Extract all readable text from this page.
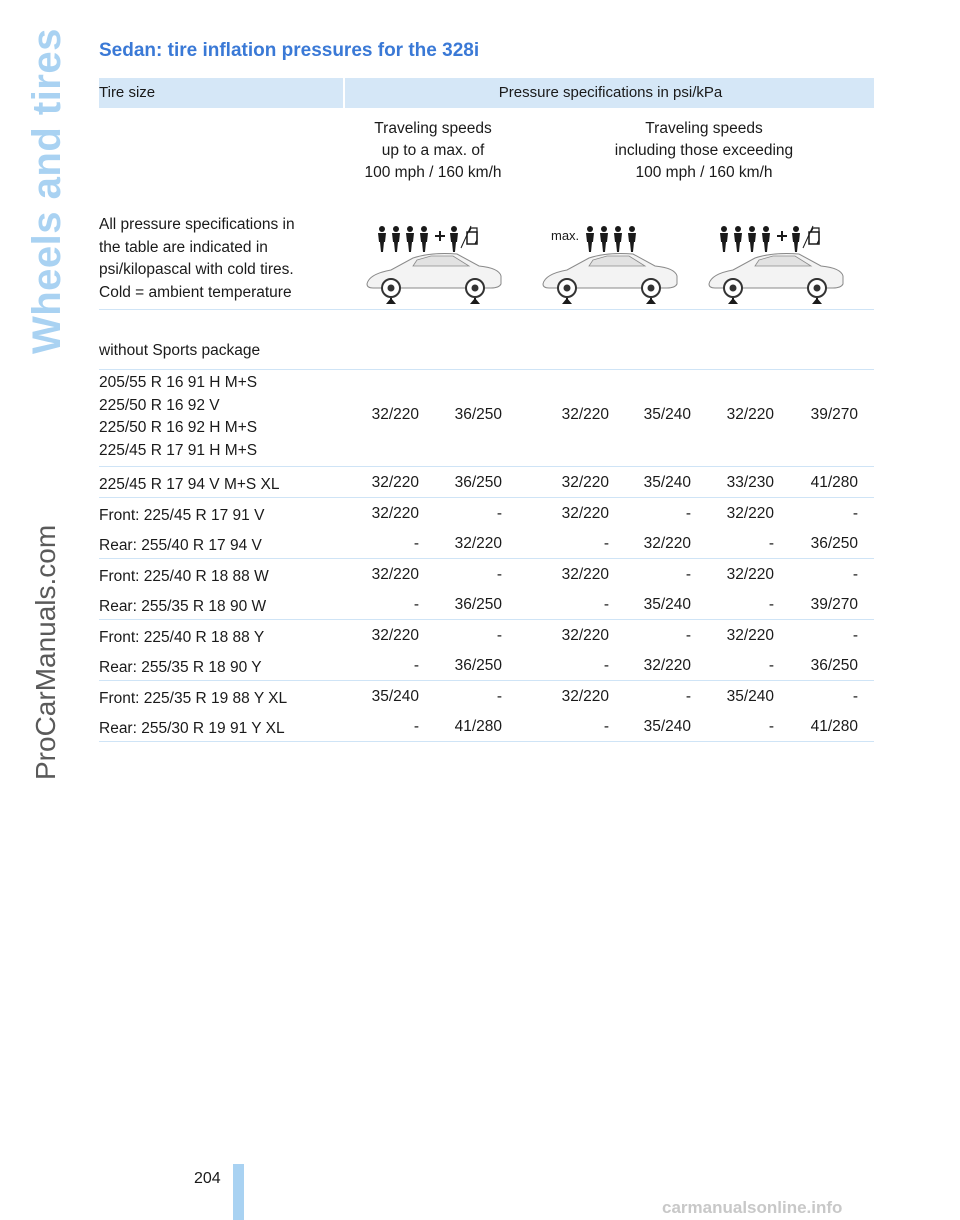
Wheels and tires
ProCarManuals.com
Sedan: tire inflation pressures for the 328i
Tire size	Pressure specifications in psi/kPa
Traveling speeds
up to a max. of
100 mph / 160 km/h
Traveling speeds
including those exceeding
100 mph / 160 km/h
All pressure specifications in
the table are indicated in
psi/kilopascal with cold tires.
Cold = ambient temperature
max.
without Sports package
205/55 R 16 91 H M+S
225/50 R 16 92 V
225/50 R 16 92 H M+S
225/45 R 17 91 H M+S
32/220	36/250	32/220	35/240	32/220	39/270
225/45 R 17 94 V M+S XL	32/220	36/250	32/220	35/240	33/230	41/280
Front: 225/45 R 17 91 V	32/220	-	32/220	-	32/220	-
Rear: 255/40 R 17 94 V	-	32/220	-	32/220	-	36/250
Front: 225/40 R 18 88 W	32/220	-	32/220	-	32/220	-
Rear: 255/35 R 18 90 W	-	36/250	-	35/240	-	39/270
Front: 225/40 R 18 88 Y	32/220	-	32/220	-	32/220	-
Rear: 255/35 R 18 90 Y	-	36/250	-	32/220	-	36/250
Front: 225/35 R 19 88 Y XL	35/240	-	32/220	-	35/240	-
Rear: 255/30 R 19 91 Y XL	-	41/280	-	35/240	-	41/280
204
carmanualsonline.info
